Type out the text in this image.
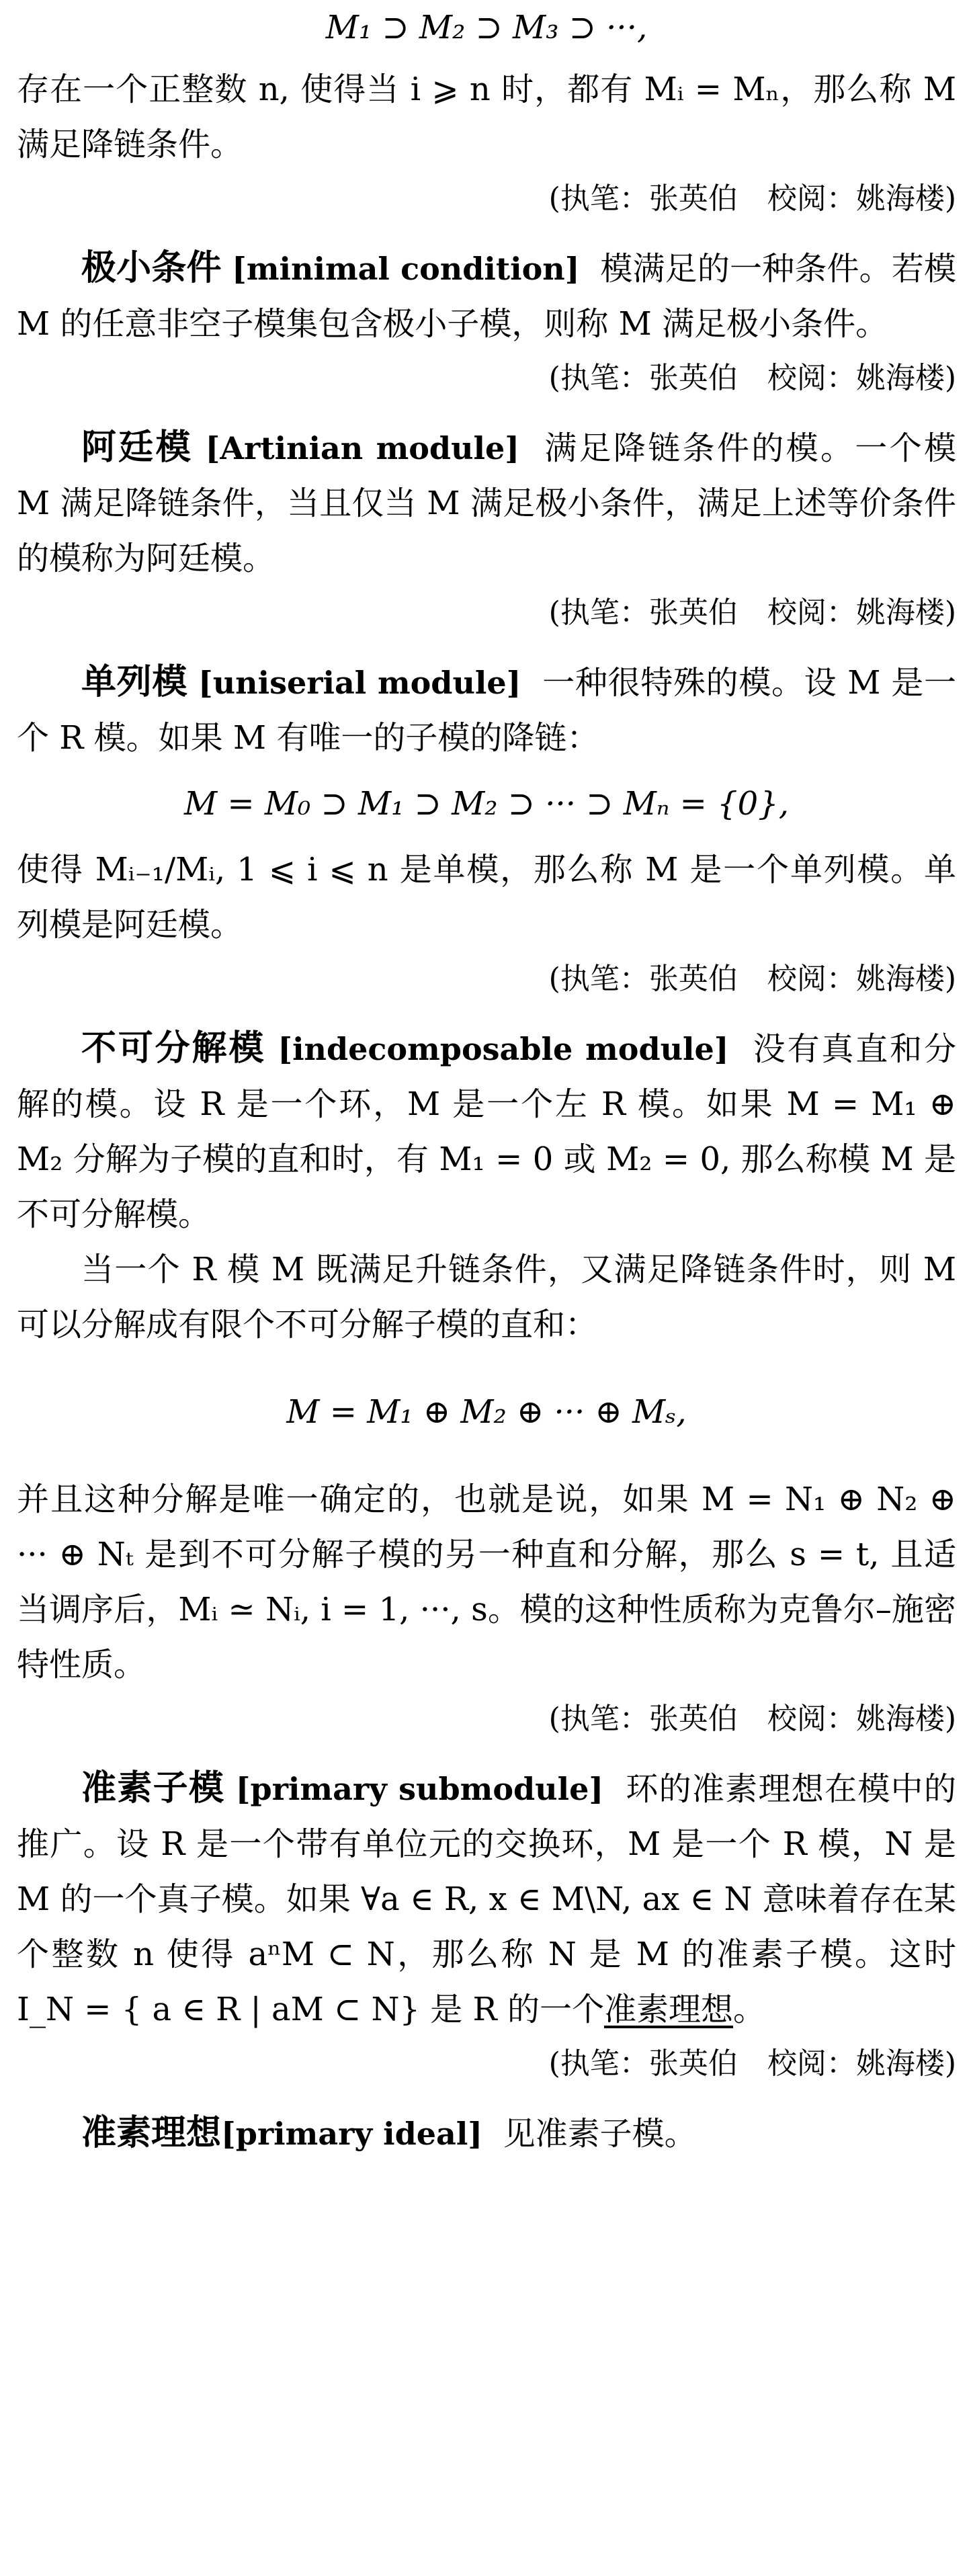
M₁ ⊃ M₂ ⊃ M₃ ⊃ ···,

存在一个正整数 n, 使得当 i ⩾ n 时，都有 Mᵢ = Mₙ，那么称 M 满足降链条件。

(执笔：张英伯　校阅：姚海楼)

极小条件 [minimal condition] 模满足的一种条件。若模 M 的任意非空子模集包含极小子模，则称 M 满足极小条件。

(执笔：张英伯　校阅：姚海楼)

阿廷模 [Artinian module] 满足降链条件的模。一个模 M 满足降链条件，当且仅当 M 满足极小条件，满足上述等价条件的模称为阿廷模。

(执笔：张英伯　校阅：姚海楼)

单列模 [uniserial module] 一种很特殊的模。设 M 是一个 R 模。如果 M 有唯一的子模的降链：

M = M₀ ⊃ M₁ ⊃ M₂ ⊃ ··· ⊃ Mₙ = {0},

使得 Mᵢ₋₁/Mᵢ, 1 ⩽ i ⩽ n 是单模，那么称 M 是一个单列模。单列模是阿廷模。

(执笔：张英伯　校阅：姚海楼)

不可分解模 [indecomposable module] 没有真直和分解的模。设 R 是一个环，M 是一个左 R 模。如果 M = M₁ ⊕ M₂ 分解为子模的直和时，有 M₁ = 0 或 M₂ = 0, 那么称模 M 是不可分解模。

当一个 R 模 M 既满足升链条件，又满足降链条件时，则 M 可以分解成有限个不可分解子模的直和：

M = M₁ ⊕ M₂ ⊕ ··· ⊕ Mₛ,

并且这种分解是唯一确定的，也就是说，如果 M = N₁ ⊕ N₂ ⊕ ··· ⊕ Nₜ 是到不可分解子模的另一种直和分解，那么 s = t, 且适当调序后，Mᵢ ≃ Nᵢ, i = 1, ···, s。模的这种性质称为克鲁尔–施密特性质。

(执笔：张英伯　校阅：姚海楼)

准素子模 [primary submodule] 环的准素理想在模中的推广。设 R 是一个带有单位元的交换环，M 是一个 R 模，N 是 M 的一个真子模。如果 ∀a ∈ R, x ∈ M\N, ax ∈ N 意味着存在某个整数 n 使得 aⁿM ⊂ N，那么称 N 是 M 的准素子模。这时 I_N = { a ∈ R | aM ⊂ N} 是 R 的一个准素理想。

(执笔：张英伯　校阅：姚海楼)

准素理想[primary ideal] 见准素子模。
